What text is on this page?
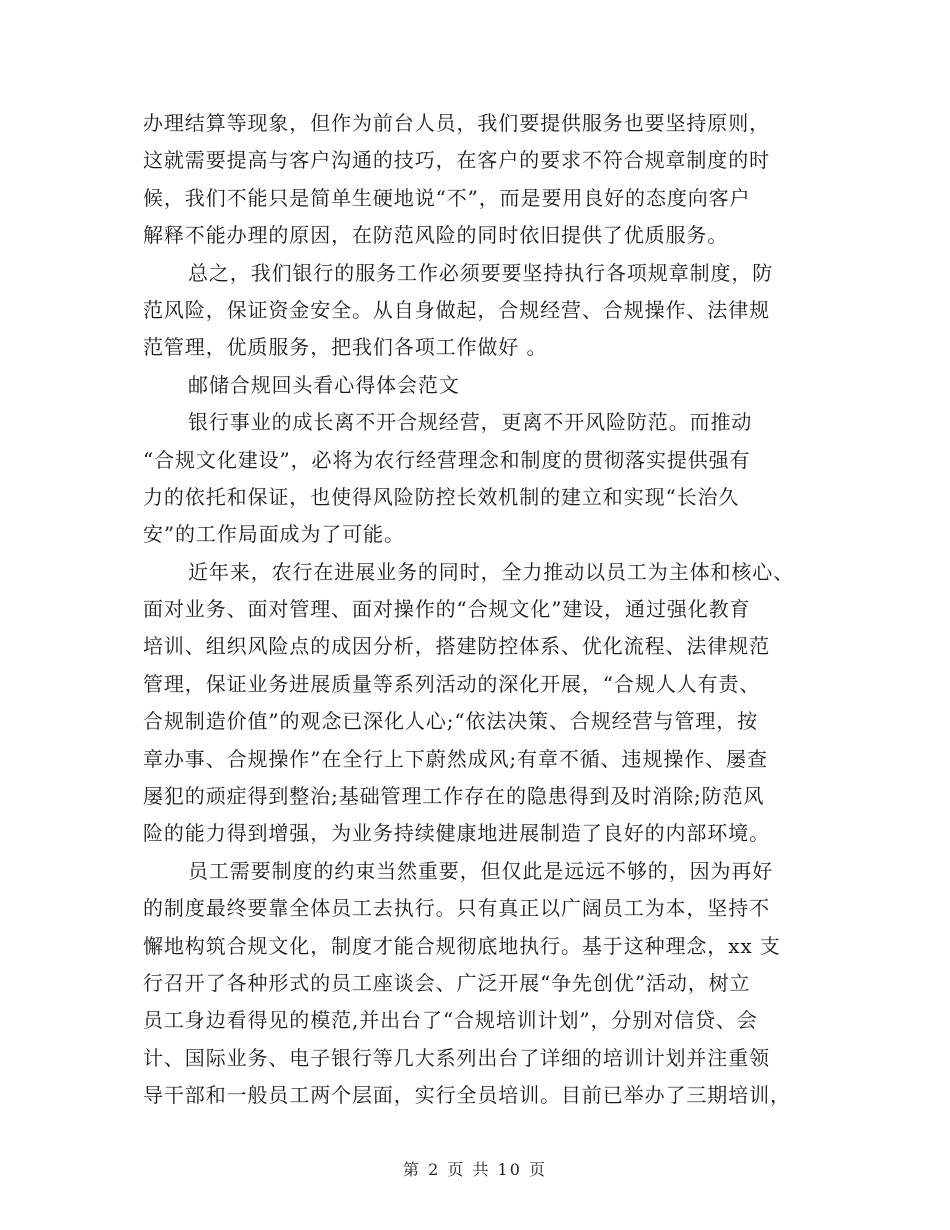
办理结算等现象，但作为前台人员，我们要提供服务也要坚持原则，
这就需要提高与客户沟通的技巧，在客户的要求不符合规章制度的时
候，我们不能只是简单生硬地说“不”，而是要用良好的态度向客户
解释不能办理的原因，在防范风险的同时依旧提供了优质服务。
总之，我们银行的服务工作必须要要坚持执行各项规章制度，防
范风险，保证资金安全。从自身做起，合规经营、合规操作、法律规
范管理，优质服务，把我们各项工作做好 。
邮储合规回头看心得体会范文
银行事业的成长离不开合规经营，更离不开风险防范。而推动
“合规文化建设”，必将为农行经营理念和制度的贯彻落实提供强有
力的依托和保证，也使得风险防控长效机制的建立和实现“长治久
安”的工作局面成为了可能。
近年来，农行在进展业务的同时，全力推动以员工为主体和核心、
面对业务、面对管理、面对操作的“合规文化”建设，通过强化教育
培训、组织风险点的成因分析，搭建防控体系、优化流程、法律规范
管理，保证业务进展质量等系列活动的深化开展，“合规人人有责、
合规制造价值”的观念已深化人心;“依法决策、合规经营与管理，按
章办事、合规操作”在全行上下蔚然成风;有章不循、违规操作、屡查
屡犯的顽症得到整治;基础管理工作存在的隐患得到及时消除;防范风
险的能力得到增强，为业务持续健康地进展制造了良好的内部环境。
员工需要制度的约束当然重要，但仅此是远远不够的，因为再好
的制度最终要靠全体员工去执行。只有真正以广阔员工为本，坚持不
懈地构筑合规文化，制度才能合规彻底地执行。基于这种理念，xx 支
行召开了各种形式的员工座谈会、广泛开展“争先创优”活动，树立
员工身边看得见的模范,并出台了“合规培训计划”，分别对信贷、会
计、国际业务、电子银行等几大系列出台了详细的培训计划并注重领
导干部和一般员工两个层面，实行全员培训。目前已举办了三期培训，
第 2 页 共 10 页
